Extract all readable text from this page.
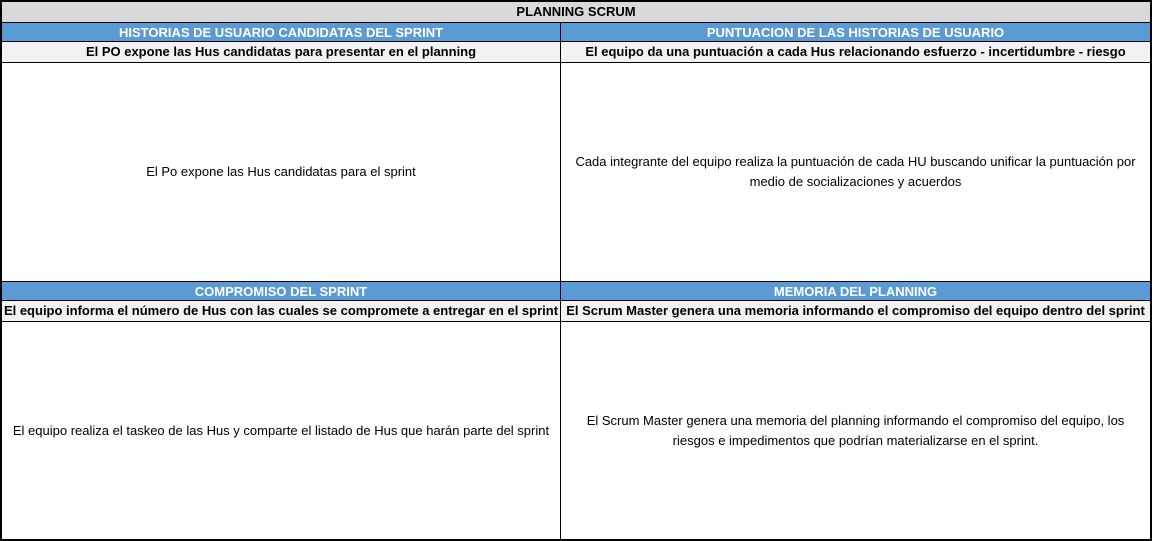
PLANNING SCRUM
HISTORIAS DE USUARIO CANDIDATAS DEL SPRINT
El PO expone las Hus candidatas para presentar en el planning
El Po expone las Hus candidatas para el sprint
PUNTUACION DE LAS HISTORIAS DE USUARIO
El equipo da una puntuación a cada Hus relacionando esfuerzo - incertidumbre - riesgo
Cada integrante del equipo realiza la puntuación de cada HU buscando unificar la puntuación por medio de socializaciones y acuerdos
COMPROMISO DEL SPRINT
El equipo informa el número de Hus con las cuales se compromete a entregar en el sprint
El equipo realiza el taskeo de las Hus y comparte el listado de Hus que harán parte del sprint
MEMORIA DEL PLANNING
El Scrum Master genera una memoria informando el compromiso del equipo dentro del sprint
El Scrum Master genera una memoria del planning informando el compromiso del equipo, los riesgos e impedimentos que podrían materializarse en el sprint.
